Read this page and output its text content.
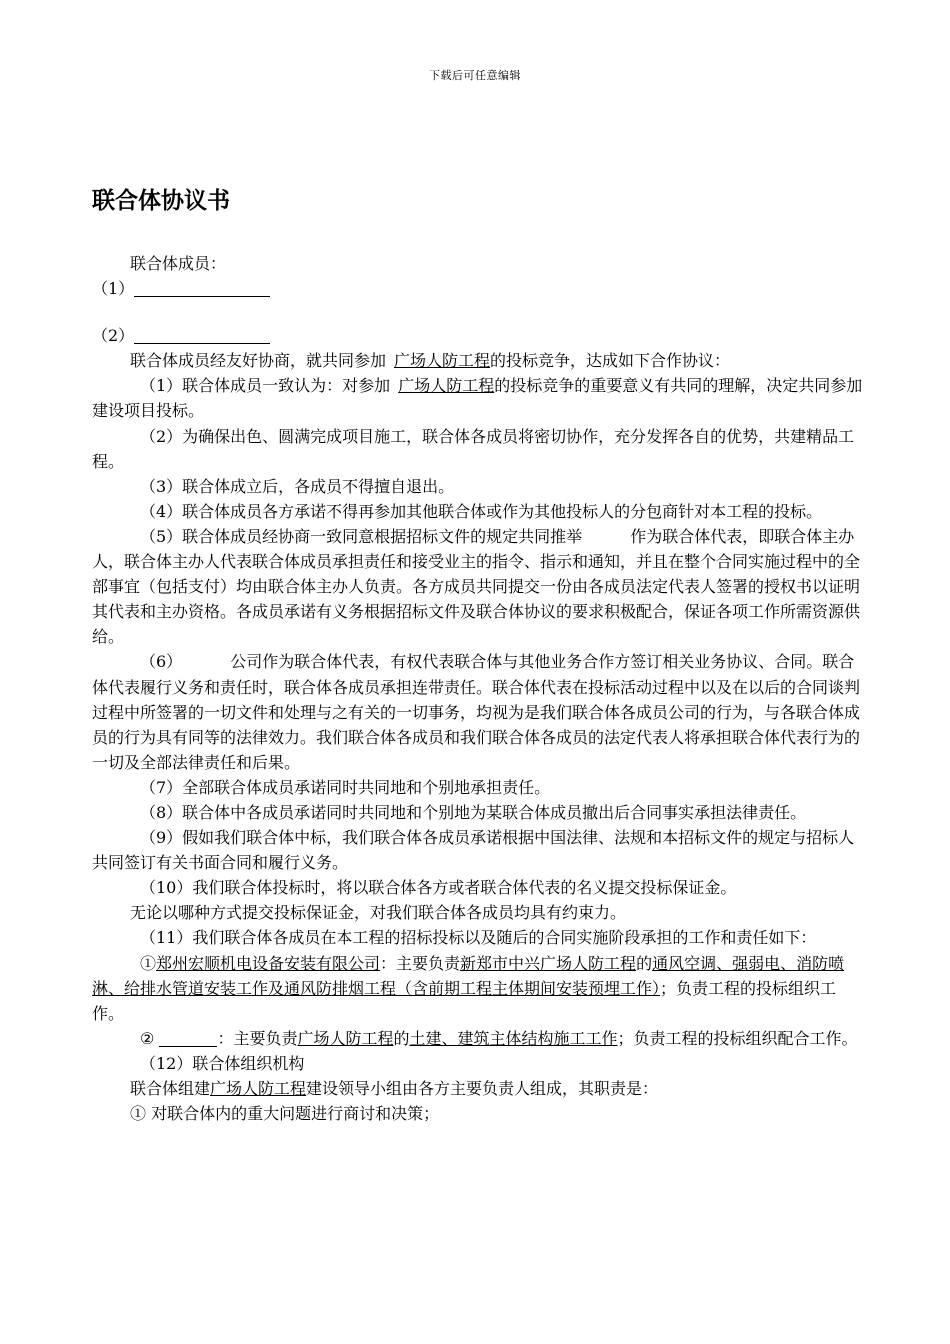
下载后可任意编辑
联合体协议书

联合体成员：

（1）

（2）

联合体成员经友好协商，就共同参加 广场人防工程的投标竞争，达成如下合作协议：

（1）联合体成员一致认为：对参加 广场人防工程的投标竞争的重要意义有共同的理解，决定共同参加建设项目投标。

（2）为确保出色、圆满完成项目施工，联合体各成员将密切协作，充分发挥各自的优势，共建精品工程。

（3）联合体成立后，各成员不得擅自退出。

（4）联合体成员各方承诺不得再参加其他联合体或作为其他投标人的分包商针对本工程的投标。

（5）联合体成员经协商一致同意根据招标文件的规定共同推举	作为联合体代表，即联合体主办人，联合体主办人代表联合体成员承担责任和接受业主的指令、指示和通知，并且在整个合同实施过程中的全部事宜（包括支付）均由联合体主办人负责。各方成员共同提交一份由各成员法定代表人签署的授权书以证明其代表和主办资格。各成员承诺有义务根据招标文件及联合体协议的要求积极配合，保证各项工作所需资源供给。

（6）	公司作为联合体代表，有权代表联合体与其他业务合作方签订相关业务协议、合同。联合体代表履行义务和责任时，联合体各成员承担连带责任。联合体代表在投标活动过程中以及在以后的合同谈判过程中所签署的一切文件和处理与之有关的一切事务，均视为是我们联合体各成员公司的行为，与各联合体成员的行为具有同等的法律效力。我们联合体各成员和我们联合体各成员的法定代表人将承担联合体代表行为的一切及全部法律责任和后果。

（7）全部联合体成员承诺同时共同地和个别地承担责任。

（8）联合体中各成员承诺同时共同地和个别地为某联合体成员撤出后合同事实承担法律责任。

（9）假如我们联合体中标，我们联合体各成员承诺根据中国法律、法规和本招标文件的规定与招标人共同签订有关书面合同和履行义务。

（10）我们联合体投标时，将以联合体各方或者联合体代表的名义提交投标保证金。

无论以哪种方式提交投标保证金，对我们联合体各成员均具有约束力。

（11）我们联合体各成员在本工程的招标投标以及随后的合同实施阶段承担的工作和责任如下：

①郑州宏顺机电设备安装有限公司：主要负责新郑市中兴广场人防工程的通风空调、强弱电、消防喷淋、给排水管道安装工作及通风防排烟工程（含前期工程主体期间安装预埋工作）；负责工程的投标组织工作。

②	：主要负责广场人防工程的土建、建筑主体结构施工工作；负责工程的投标组织配合工作。

（12）联合体组织机构

联合体组建广场人防工程建设领导小组由各方主要负责人组成，其职责是：

① 对联合体内的重大问题进行商讨和决策；
